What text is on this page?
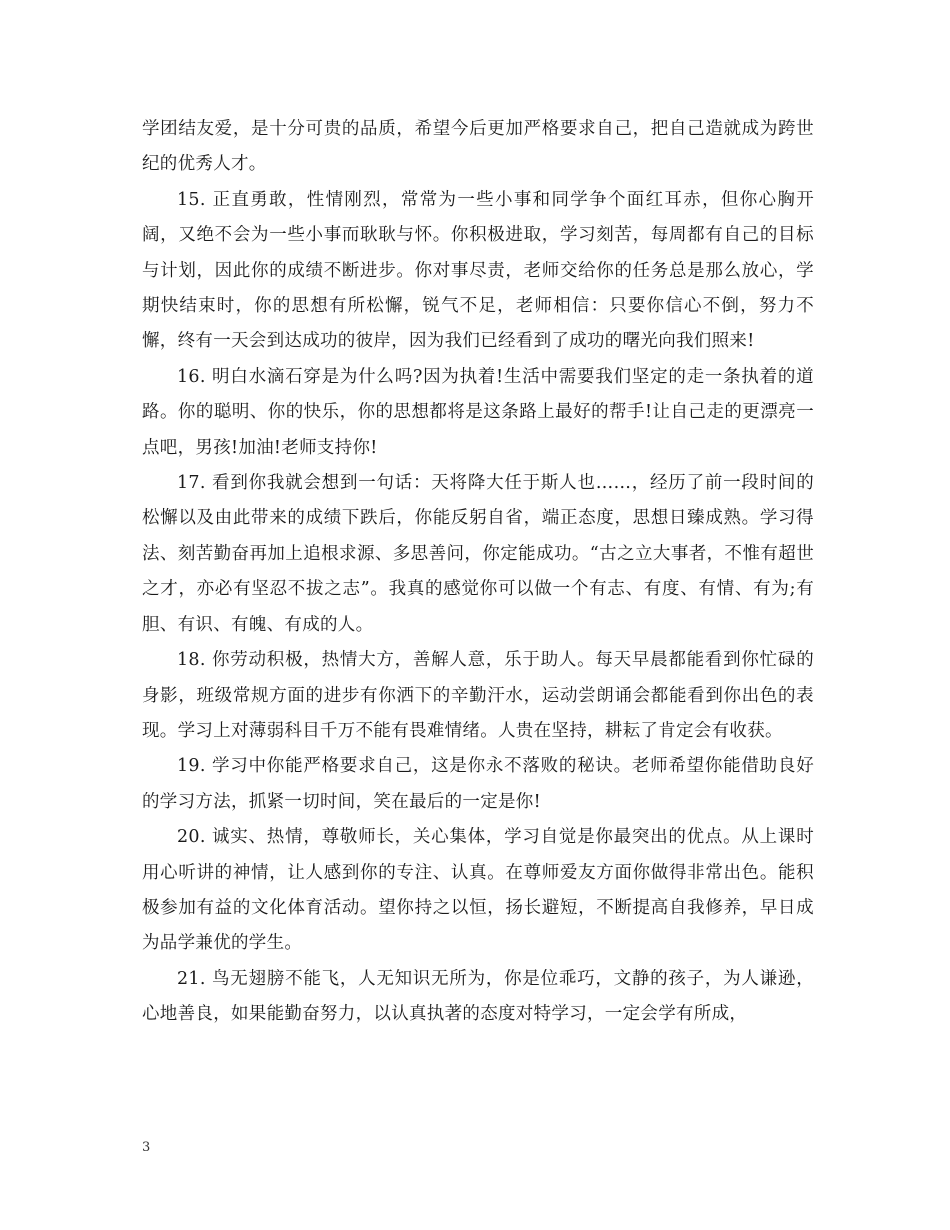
学团结友爱，是十分可贵的品质，希望今后更加严格要求自己，把自己造就成为跨世纪的优秀人才。

15. 正直勇敢，性情刚烈，常常为一些小事和同学争个面红耳赤，但你心胸开阔，又绝不会为一些小事而耿耿与怀。你积极进取，学习刻苦，每周都有自己的目标与计划，因此你的成绩不断进步。你对事尽责，老师交给你的任务总是那么放心，学期快结束时，你的思想有所松懈，锐气不足，老师相信：只要你信心不倒，努力不懈，终有一天会到达成功的彼岸，因为我们已经看到了成功的曙光向我们照来!

16. 明白水滴石穿是为什么吗?因为执着!生活中需要我们坚定的走一条执着的道路。你的聪明、你的快乐，你的思想都将是这条路上最好的帮手!让自己走的更漂亮一点吧，男孩!加油!老师支持你!

17. 看到你我就会想到一句话：天将降大任于斯人也……，经历了前一段时间的松懈以及由此带来的成绩下跌后，你能反躬自省，端正态度，思想日臻成熟。学习得法、刻苦勤奋再加上追根求源、多思善问，你定能成功。“古之立大事者，不惟有超世之才，亦必有坚忍不拔之志”。我真的感觉你可以做一个有志、有度、有情、有为;有胆、有识、有魄、有成的人。

18. 你劳动积极，热情大方，善解人意，乐于助人。每天早晨都能看到你忙碌的身影，班级常规方面的进步有你洒下的辛勤汗水，运动尝朗诵会都能看到你出色的表现。学习上对薄弱科目千万不能有畏难情绪。人贵在坚持，耕耘了肯定会有收获。

19. 学习中你能严格要求自己，这是你永不落败的秘诀。老师希望你能借助良好的学习方法，抓紧一切时间，笑在最后的一定是你!

20. 诚实、热情，尊敬师长，关心集体，学习自觉是你最突出的优点。从上课时用心听讲的神情，让人感到你的专注、认真。在尊师爱友方面你做得非常出色。能积极参加有益的文化体育活动。望你持之以恒，扬长避短，不断提高自我修养，早日成为品学兼优的学生。

21. 鸟无翅膀不能飞，人无知识无所为，你是位乖巧，文静的孩子，为人谦逊，心地善良，如果能勤奋努力，以认真执著的态度对特学习，一定会学有所成，

3
